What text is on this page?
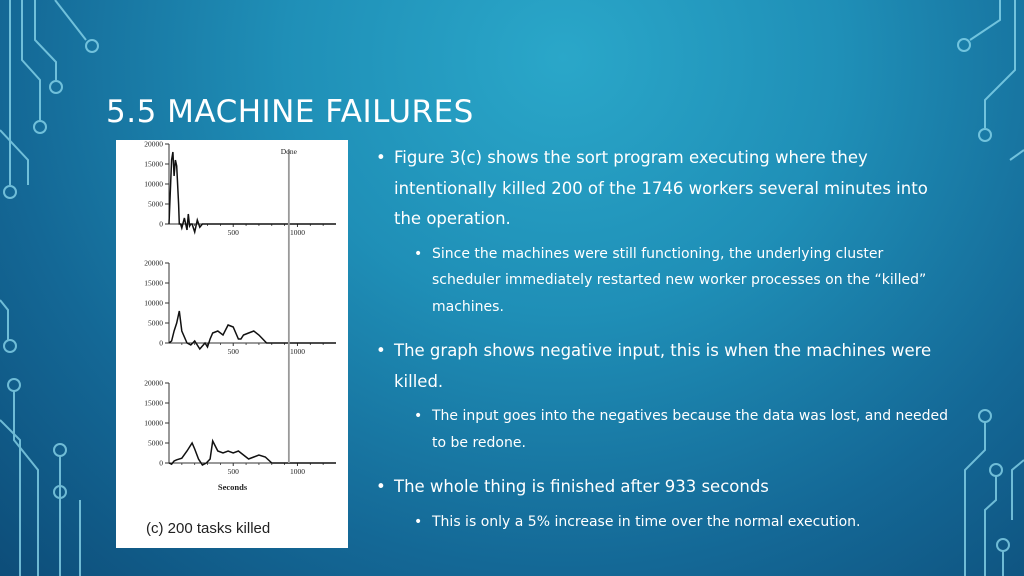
5.5 MACHINE FAILURES
20000
15000
10000
5000
0
500	1000
20000
15000
10000
5000
0
500	1000
20000
15000
10000
5000
0
500	1000
Done
Seconds
(c) 200 tasks killed
• Figure 3(c) shows the sort program executing where they intentionally killed 200 of the 1746 workers several minutes into the operation.
• Since the machines were still functioning, the underlying cluster scheduler immediately restarted new worker processes on the “killed” machines.
• The graph shows negative input, this is when the machines were killed.
• The input goes into the negatives because the data was lost, and needed to be redone.
• The whole thing is finished after 933 seconds
• This is only a 5% increase in time over the normal execution.
